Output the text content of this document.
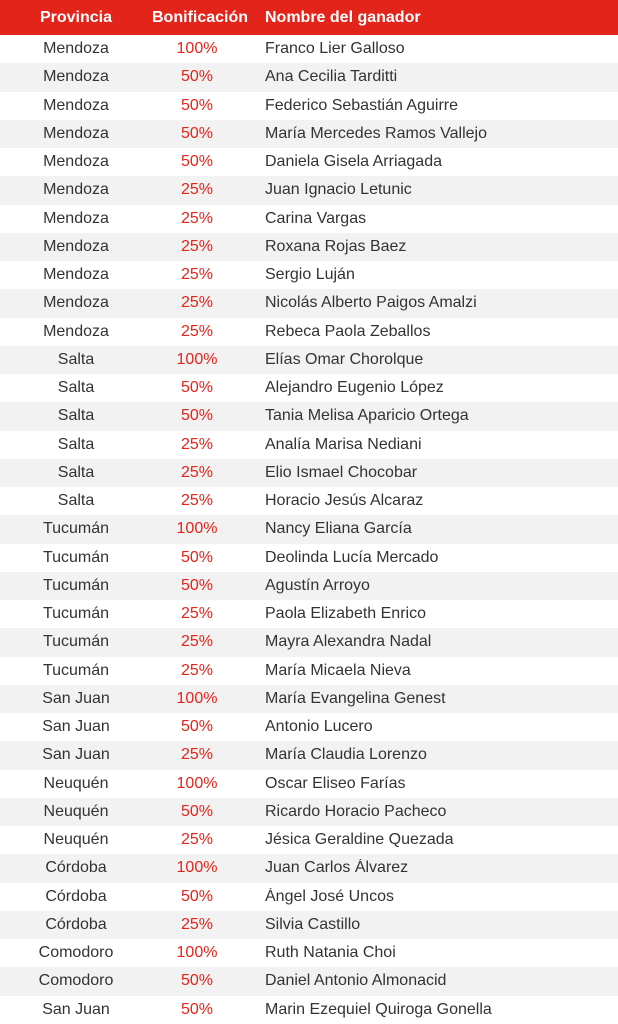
Provincia	Bonificación	Nombre del ganador
Mendoza	100%	Franco Lier Galloso
Mendoza	50%	Ana Cecilia Tarditti
Mendoza	50%	Federico Sebastián Aguirre
Mendoza	50%	María Mercedes Ramos Vallejo
Mendoza	50%	Daniela Gisela Arriagada
Mendoza	25%	Juan Ignacio Letunic
Mendoza	25%	Carina Vargas
Mendoza	25%	Roxana Rojas Baez
Mendoza	25%	Sergio Luján
Mendoza	25%	Nicolás Alberto Paigos Amalzi
Mendoza	25%	Rebeca Paola Zeballos
Salta	100%	Elías Omar Chorolque
Salta	50%	Alejandro Eugenio López
Salta	50%	Tania Melisa Aparicio Ortega
Salta	25%	Analía Marisa Nediani
Salta	25%	Elio Ismael Chocobar
Salta	25%	Horacio Jesús Alcaraz
Tucumán	100%	Nancy Eliana García
Tucumán	50%	Deolinda Lucía Mercado
Tucumán	50%	Agustín Arroyo
Tucumán	25%	Paola Elizabeth Enrico
Tucumán	25%	Mayra Alexandra Nadal
Tucumán	25%	María Micaela Nieva
San Juan	100%	María Evangelina Genest
San Juan	50%	Antonio Lucero
San Juan	25%	María Claudia Lorenzo
Neuquén	100%	Oscar Eliseo Farías
Neuquén	50%	Ricardo Horacio Pacheco
Neuquén	25%	Jésica Geraldine Quezada
Córdoba	100%	Juan Carlos Álvarez
Córdoba	50%	Ángel José Uncos
Córdoba	25%	Silvia Castillo
Comodoro	100%	Ruth Natania Choi
Comodoro	50%	Daniel Antonio Almonacid
San Juan	50%	Marin Ezequiel Quiroga Gonella
